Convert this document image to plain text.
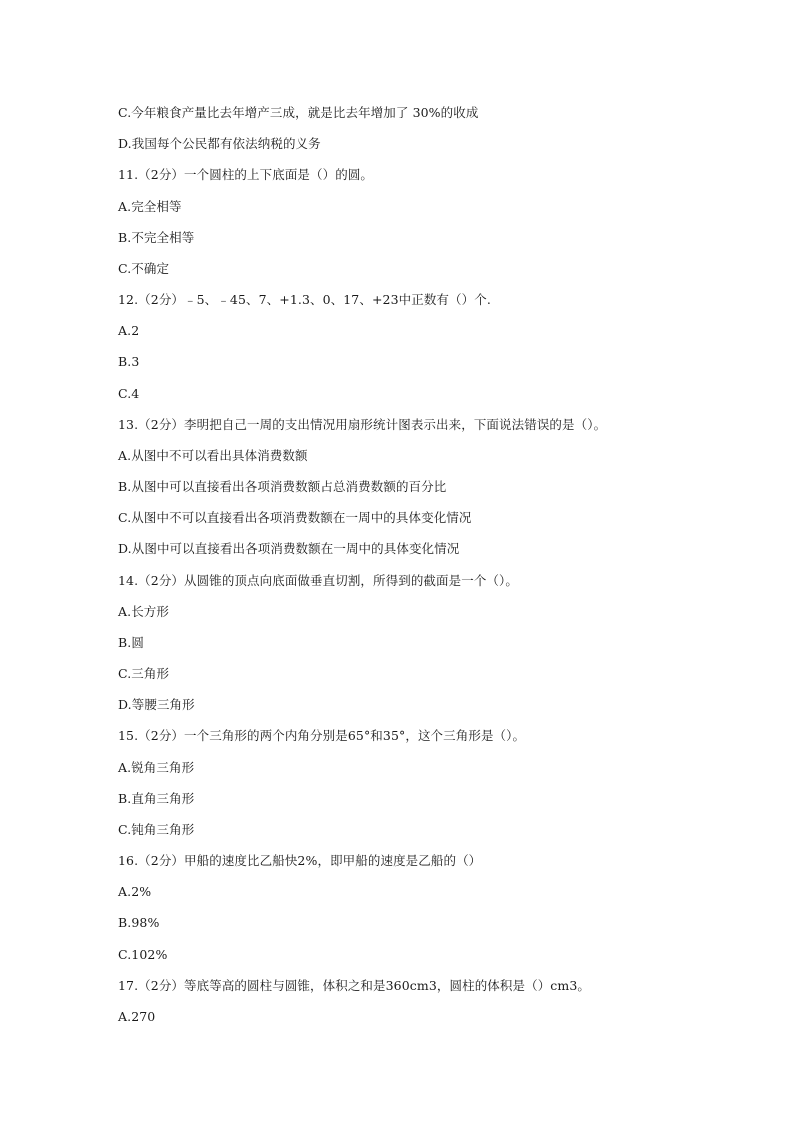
C.今年粮食产量比去年增产三成，就是比去年增加了 30%的收成
D.我国每个公民都有依法纳税的义务
11.（2分）一个圆柱的上下底面是（）的圆。
A.完全相等
B.不完全相等
C.不确定
12.（2分）﹣5、﹣45、7、+1.3、0、17、+23中正数有（）个.
A.2
B.3
C.4
13.（2分）李明把自己一周的支出情况用扇形统计图表示出来，下面说法错误的是（）。
A.从图中不可以看出具体消费数额
B.从图中可以直接看出各项消费数额占总消费数额的百分比
C.从图中不可以直接看出各项消费数额在一周中的具体变化情况
D.从图中可以直接看出各项消费数额在一周中的具体变化情况
14.（2分）从圆锥的顶点向底面做垂直切割，所得到的截面是一个（）。
A.长方形
B.圆
C.三角形
D.等腰三角形
15.（2分）一个三角形的两个内角分别是65°和35°，这个三角形是（）。
A.锐角三角形
B.直角三角形
C.钝角三角形
16.（2分）甲船的速度比乙船快2%，即甲船的速度是乙船的（）
A.2%
B.98%
C.102%
17.（2分）等底等高的圆柱与圆锥，体积之和是360cm3，圆柱的体积是（）cm3。
A.270
